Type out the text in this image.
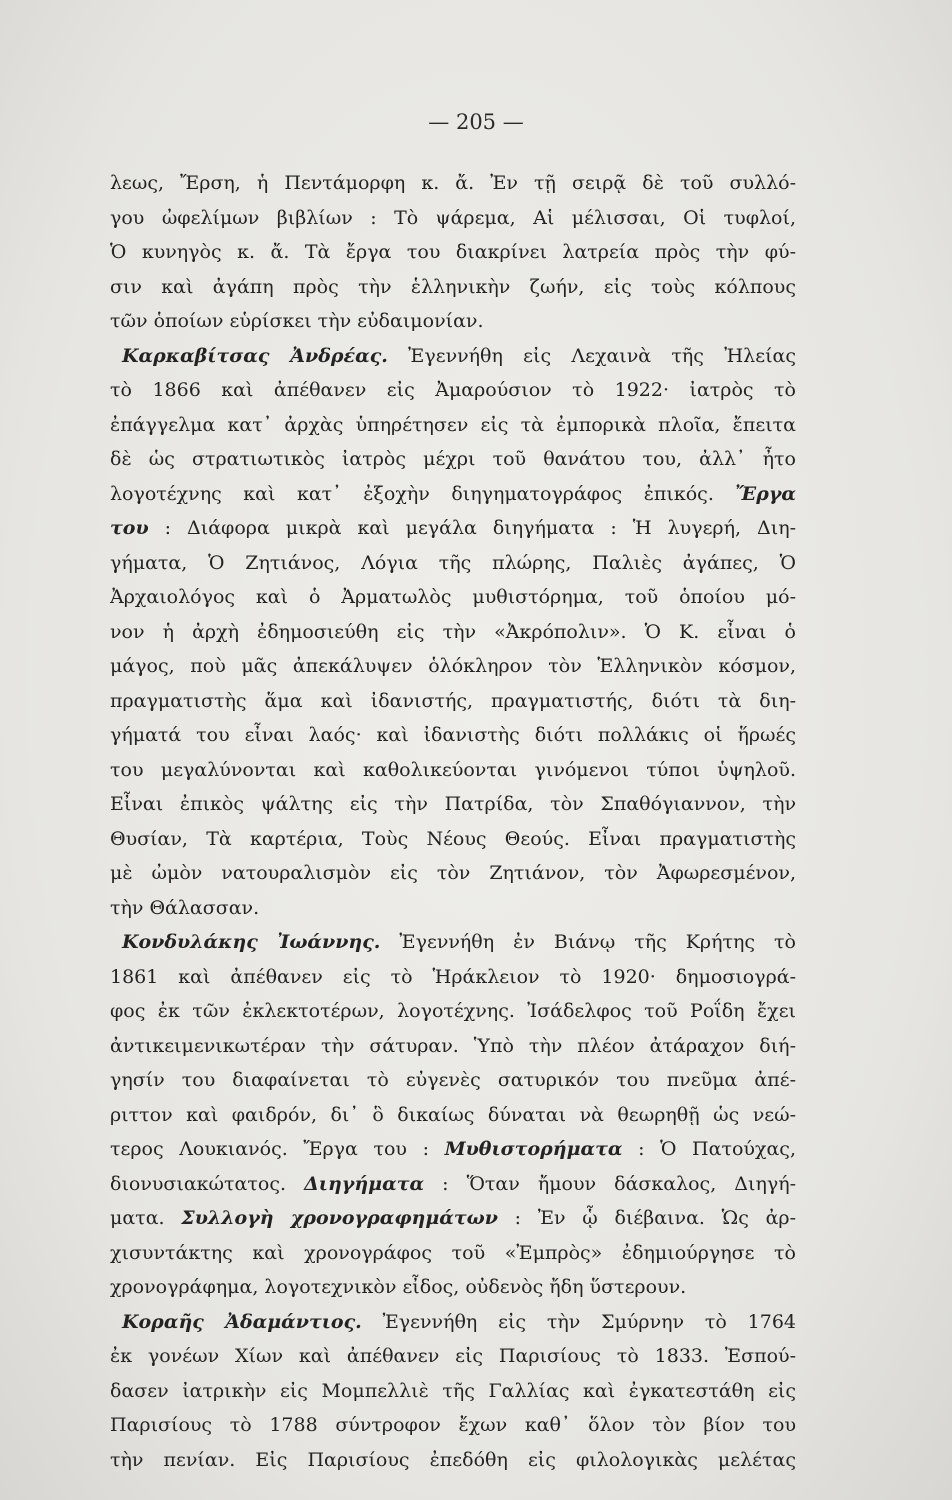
— 205 —

λεως, Ἔρση, ἡ Πεντάμορφη κ. ἄ. Ἐν τῇ σειρᾷ δὲ τοῦ συλλό-
γου ὠφελίμων βιβλίων : Τὸ ψάρεμα, Αἱ μέλισσαι, Οἱ τυφλοί,
Ὁ κυνηγὸς κ. ἄ. Τὰ ἔργα του διακρίνει λατρεία πρὸς τὴν φύ-
σιν καὶ ἀγάπη πρὸς τὴν ἑλληνικὴν ζωήν, εἰς τοὺς κόλπους
τῶν ὁποίων εὑρίσκει τὴν εὐδαιμονίαν.
Καρκαβίτσας Ἀνδρέας. Ἐγεννήθη εἰς Λεχαινὰ τῆς Ἠλείας
τὸ 1866 καὶ ἀπέθανεν εἰς Ἀμαρούσιον τὸ 1922· ἰατρὸς τὸ
ἐπάγγελμα κατ᾽ ἀρχὰς ὑπηρέτησεν εἰς τὰ ἐμπορικὰ πλοῖα, ἔπειτα
δὲ ὡς στρατιωτικὸς ἰατρὸς μέχρι τοῦ θανάτου του, ἀλλ᾽ ἦτο
λογοτέχνης καὶ κατ᾽ ἐξοχὴν διηγηματογράφος ἐπικός. Ἔργα
του : Διάφορα μικρὰ καὶ μεγάλα διηγήματα : Ἡ λυγερή, Διη-
γήματα, Ὁ Ζητιάνος, Λόγια τῆς πλώρης, Παλιὲς ἀγάπες, Ὁ
Ἀρχαιολόγος καὶ ὁ Ἀρματωλὸς μυθιστόρημα, τοῦ ὁποίου μό-
νον ἡ ἀρχὴ ἐδημοσιεύθη εἰς τὴν «Ἀκρόπολιν». Ὁ Κ. εἶναι ὁ
μάγος, ποὺ μᾶς ἀπεκάλυψεν ὁλόκληρον τὸν Ἑλληνικὸν κόσμον,
πραγματιστὴς ἅμα καὶ ἰδανιστής, πραγματιστής, διότι τὰ διη-
γήματά του εἶναι λαός· καὶ ἰδανιστὴς διότι πολλάκις οἱ ἥρωές
του μεγαλύνονται καὶ καθολικεύονται γινόμενοι τύποι ὑψηλοῦ.
Εἶναι ἐπικὸς ψάλτης εἰς τὴν Πατρίδα, τὸν Σπαθόγιαννον, τὴν
Θυσίαν, Τὰ καρτέρια, Τοὺς Νέους Θεούς. Εἶναι πραγματιστὴς
μὲ ὠμὸν νατουραλισμὸν εἰς τὸν Ζητιάνον, τὸν Ἀφωρεσμένον,
τὴν Θάλασσαν.
Κονδυλάκης Ἰωάννης. Ἐγεννήθη ἐν Βιάνῳ τῆς Κρήτης τὸ
1861 καὶ ἀπέθανεν εἰς τὸ Ἡράκλειον τὸ 1920· δημοσιογρά-
φος ἐκ τῶν ἐκλεκτοτέρων, λογοτέχνης. Ἰσάδελφος τοῦ Ροΐδη ἔχει
ἀντικειμενικωτέραν τὴν σάτυραν. Ὑπὸ τὴν πλέον ἀτάραχον διή-
γησίν του διαφαίνεται τὸ εὐγενὲς σατυρικόν του πνεῦμα ἀπέ-
ριττον καὶ φαιδρόν, δι᾽ ὃ δικαίως δύναται νὰ θεωρηθῇ ὡς νεώ-
τερος Λουκιανός. Ἔργα του : Μυθιστορήματα : Ὁ Πατούχας,
διονυσιακώτατος. Διηγήματα : Ὅταν ἤμουν δάσκαλος, Διηγή-
ματα. Συλλογὴ χρονογραφημάτων : Ἐν ᾧ διέβαινα. Ὡς ἀρ-
χισυντάκτης καὶ χρονογράφος τοῦ «Ἐμπρὸς» ἐδημιούργησε τὸ
χρονογράφημα, λογοτεχνικὸν εἶδος, οὐδενὸς ἤδη ὕστερουν.
Κοραῆς Ἀδαμάντιος. Ἐγεννήθη εἰς τὴν Σμύρνην τὸ 1764
ἐκ γονέων Χίων καὶ ἀπέθανεν εἰς Παρισίους τὸ 1833. Ἐσπού-
δασεν ἰατρικὴν εἰς Μομπελλιὲ τῆς Γαλλίας καὶ ἐγκατεστάθη εἰς
Παρισίους τὸ 1788 σύντροφον ἔχων καθ᾽ ὅλον τὸν βίον του
τὴν πενίαν. Εἰς Παρισίους ἐπεδόθη εἰς φιλολογικὰς μελέτας
